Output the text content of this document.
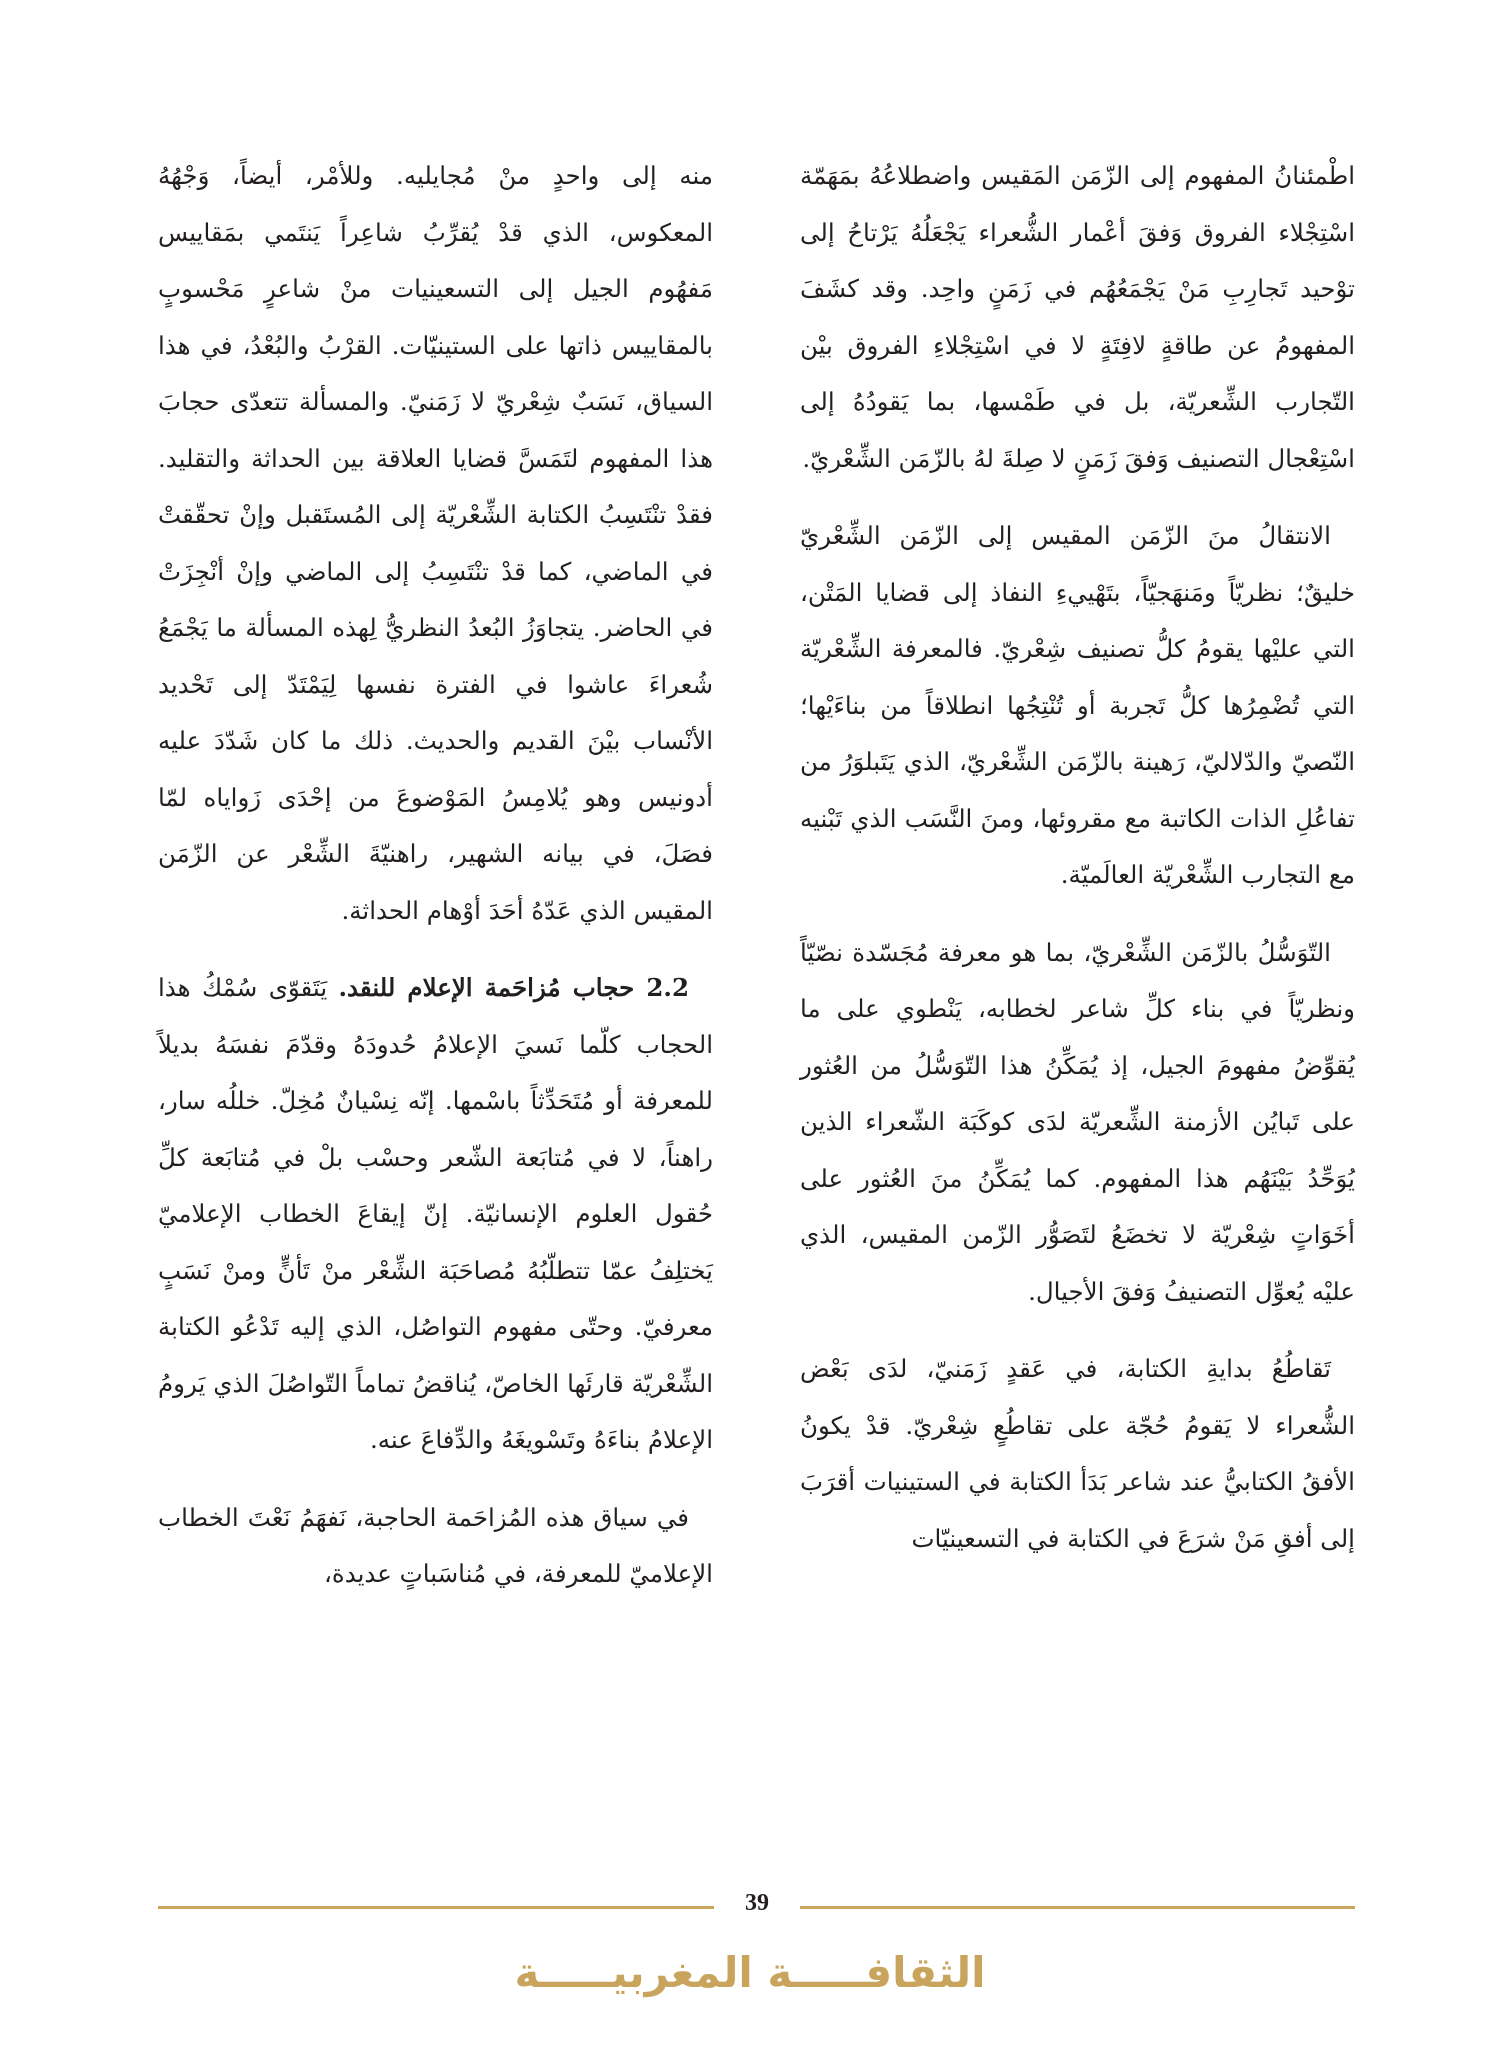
اطْمئنانُ المفهوم إلى الزّمَن المَقيس واضطلاعُهُ بمَهَمّة اسْتِجْلاء الفروق وَفقَ أعْمار الشُّعراء يَجْعَلُهُ يَرْتاحُ إلى توْحيد تَجارِبِ مَنْ يَجْمَعُهُم في زَمَنٍ واحِد. وقد كشَفَ المفهومُ عن طاقةٍ لافِتَةٍ لا في اسْتِجْلاءِ الفروق بيْن التّجارب الشِّعريّة، بل في طَمْسها، بما يَقودُهُ إلى اسْتِعْجال التصنيف وَفقَ زَمَنٍ لا صِلةَ لهُ بالزّمَن الشِّعْريّ.

الانتقالُ منَ الزّمَن المقيس إلى الزّمَن الشِّعْريّ خليقٌ؛ نظريّاً ومَنهَجيّاً، بتَهْييءِ النفاذ إلى قضايا المَتْن، التي عليْها يقومُ كلُّ تصنيف شِعْريّ. فالمعرفة الشِّعْريّة التي تُضْمِرُها كلُّ تَجربة أو تُنْتِجُها انطلاقاً من بناءَيْها؛ النّصيّ والدّلاليّ، رَهينة بالزّمَن الشِّعْريّ، الذي يَتَبلوَرُ من تفاعُلِ الذات الكاتبة مع مقروئها، ومنَ النَّسَب الذي تَبْنيه مع التجارب الشِّعْريّة العالَميّة.

التّوَسُّلُ بالزّمَن الشِّعْريّ، بما هو معرفة مُجَسّدة نصّيّاً ونظريّاً في بناء كلِّ شاعر لخطابه، يَنْطوي على ما يُقوِّضُ مفهومَ الجيل، إذ يُمَكِّنُ هذا التّوَسُّلُ من العُثور على تَبايُن الأزمنة الشِّعريّة لدَى كوكَبَة الشّعراء الذين يُوَحِّدُ بَيْنَهُم هذا المفهوم. كما يُمَكِّنُ منَ العُثور على أخَوَاتٍ شِعْريّة لا تخضَعُ لتَصَوُّر الزّمن المقيس، الذي عليْه يُعوِّل التصنيفُ وَفقَ الأجيال.

تَقاطُعُ بدايةِ الكتابة، في عَقدٍ زَمَنيّ، لدَى بَعْض الشُّعراء لا يَقومُ حُجّة على تقاطُعٍ شِعْريّ. قدْ يكونُ الأفقُ الكتابيُّ عند شاعر بَدَأ الكتابة في الستينيات أقرَبَ إلى أفقِ مَنْ شرَعَ في الكتابة في التسعينيّات

منه إلى واحدٍ منْ مُجايليه. وللأمْر، أيضاً، وَجْهُهُ المعكوس، الذي قدْ يُقرِّبُ شاعِراً يَنتَمي بمَقاييس مَفهُوم الجيل إلى التسعينيات منْ شاعرٍ مَحْسوبٍ بالمقاييس ذاتها على الستينيّات. القرْبُ والبُعْدُ، في هذا السياق، نَسَبٌ شِعْريّ لا زَمَنيّ. والمسألة تتعدّى حجابَ هذا المفهوم لتَمَسَّ قضايا العلاقة بين الحداثة والتقليد. فقدْ تنْتَسِبُ الكتابة الشِّعْريّة إلى المُستَقبل وإنْ تحقّقتْ في الماضي، كما قدْ تنْتَسِبُ إلى الماضي وإنْ أنْجِزَتْ في الحاضر. يتجاوَزُ البُعدُ النظريُّ لِهذه المسألة ما يَجْمَعُ شُعراءَ عاشوا في الفترة نفسها لِيَمْتَدّ إلى تَحْديد الأنْساب بيْنَ القديم والحديث. ذلك ما كان شَدّدَ عليه أدونيس وهو يُلامِسُ المَوْضوعَ من إحْدَى زَواياه لمّا فصَلَ، في بيانه الشهير، راهنيّةَ الشِّعْر عن الزّمَن المقيس الذي عَدّهُ أحَدَ أوْهام الحداثة.

2.2 حجاب مُزاحَمة الإعلام للنقد. يَتَقوّى سُمْكُ هذا الحجاب كلّما نَسيَ الإعلامُ حُدودَهُ وقدّمَ نفسَهُ بديلاً للمعرفة أو مُتَحَدِّثاً باسْمها. إنّه نِسْيانٌ مُخِلّ. خللُه سار، راهناً، لا في مُتابَعة الشّعر وحسْب بلْ في مُتابَعة كلِّ حُقول العلوم الإنسانيّة. إنّ إيقاعَ الخطاب الإعلاميّ يَختلِفُ عمّا تتطلّبُهُ مُصاحَبَة الشِّعْر منْ تَأنٍّ ومنْ نَسَبٍ معرفيّ. وحتّى مفهوم التواصُل، الذي إليه تَدْعُو الكتابة الشِّعْريّة قارئَها الخاصّ، يُناقضُ تماماً التّواصُلَ الذي يَرومُ الإعلامُ بناءَهُ وتَسْويغَهُ والدِّفاعَ عنه.

في سياق هذه المُزاحَمة الحاجبة، نَفهَمُ نَعْتَ الخطاب الإعلاميّ للمعرفة، في مُناسَباتٍ عديدة،

39
الثقافـــــة المغربيـــــة
